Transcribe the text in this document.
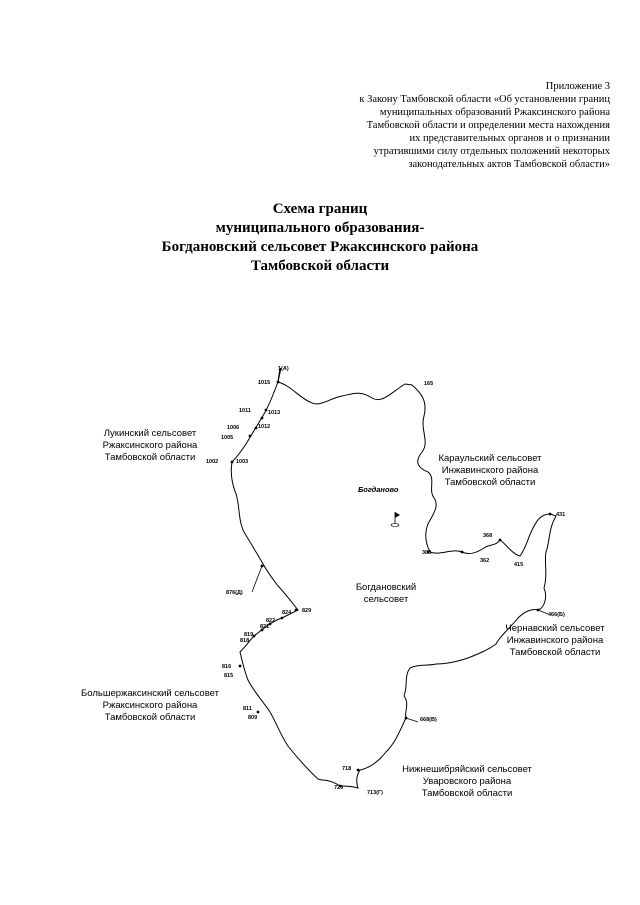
Приложение 3
к Закону Тамбовской области «Об установлении границ
муниципальных образований Ржаксинского района
Тамбовской области и определении места нахождения
их представительных органов и о признании
утратившими силу отдельных положений некоторых
законодательных актов Тамбовской области»
Схема границ
муниципального образования-
Богдановский сельсовет Ржаксинского района
Тамбовской области
1(А)
165
1015
1011	1013
1006	1012
1005
1002	1003
431
368
303
362
415
876(Д)
824 829
822
821
819
818
466(Б)
816
815
811
809	668(В)
718
726
713(Г)
Богданово
Богдановский
сельсовет
Лукинский сельсовет
Ржаксинского района
Тамбовской области	Караульский сельсовет
Инжавинского района
Тамбовской области
Чернавский сельсовет
Инжавинского района
Тамбовской области
Большержаксинский сельсовет
Ржаксинского района
Тамбовской области
Нижнешибряйский сельсовет
Уваровского района
Тамбовской области
